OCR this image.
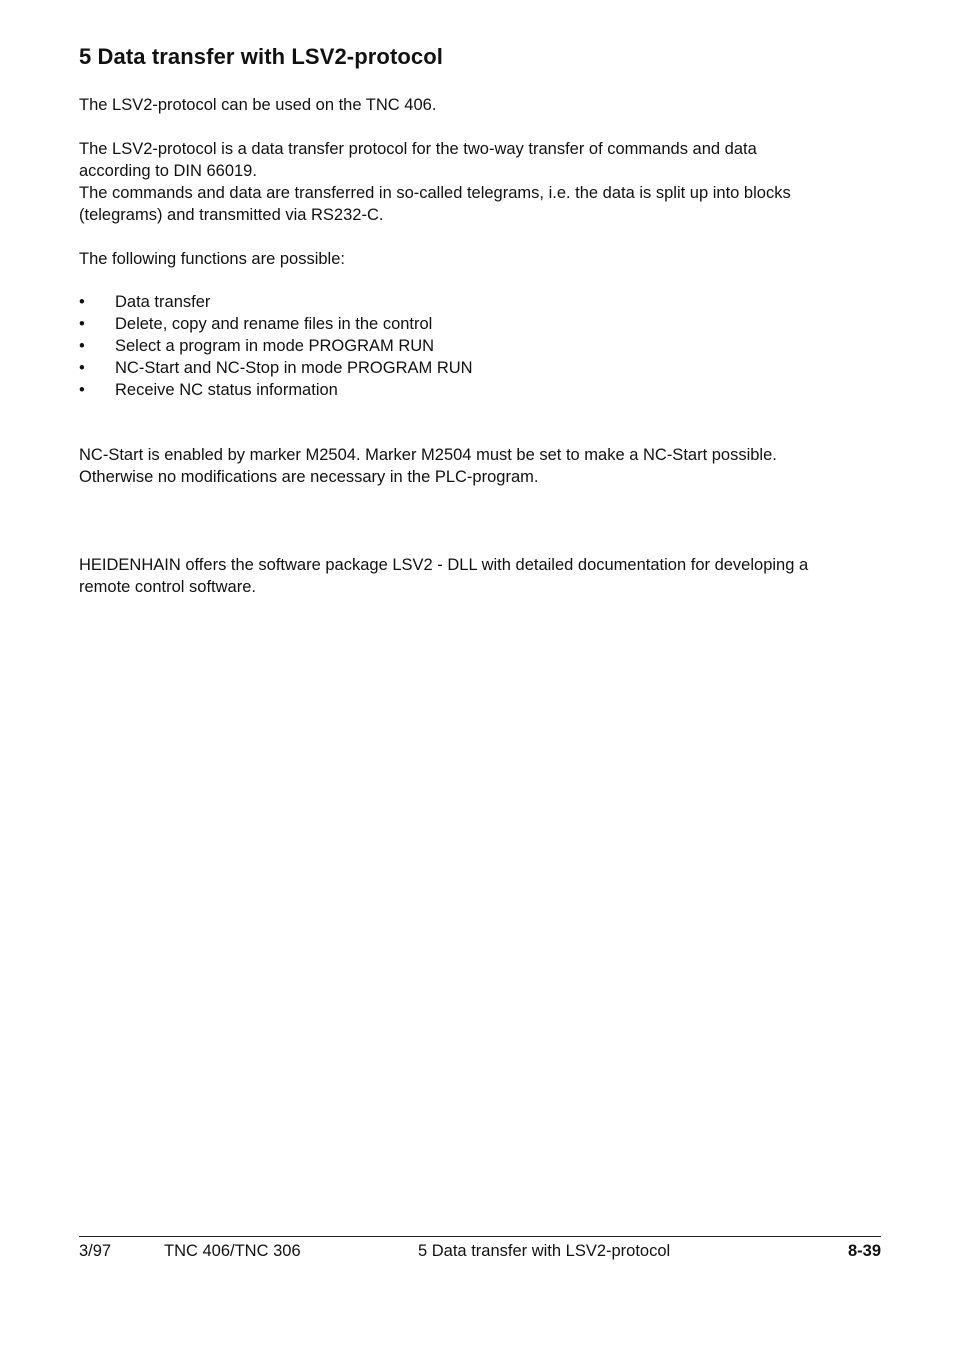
5 Data transfer with LSV2-protocol

The LSV2-protocol can be used on the TNC 406.

The LSV2-protocol is a data transfer protocol for the two-way transfer of commands and data
according to DIN 66019.
The commands and data are transferred in so-called telegrams, i.e. the data is split up into blocks
(telegrams) and transmitted via RS232-C.

The following functions are possible:

• Data transfer
• Delete, copy and rename files in the control
• Select a program in mode PROGRAM RUN
• NC-Start and NC-Stop in mode PROGRAM RUN
• Receive NC status information
NC-Start is enabled by marker M2504. Marker M2504 must be set to make a NC-Start possible.
Otherwise no modifications are necessary in the PLC-program.
HEIDENHAIN offers the software package LSV2 - DLL with detailed documentation for developing a
remote control software.
3/97	TNC 406/TNC 306	5 Data transfer with LSV2-protocol	8-39
